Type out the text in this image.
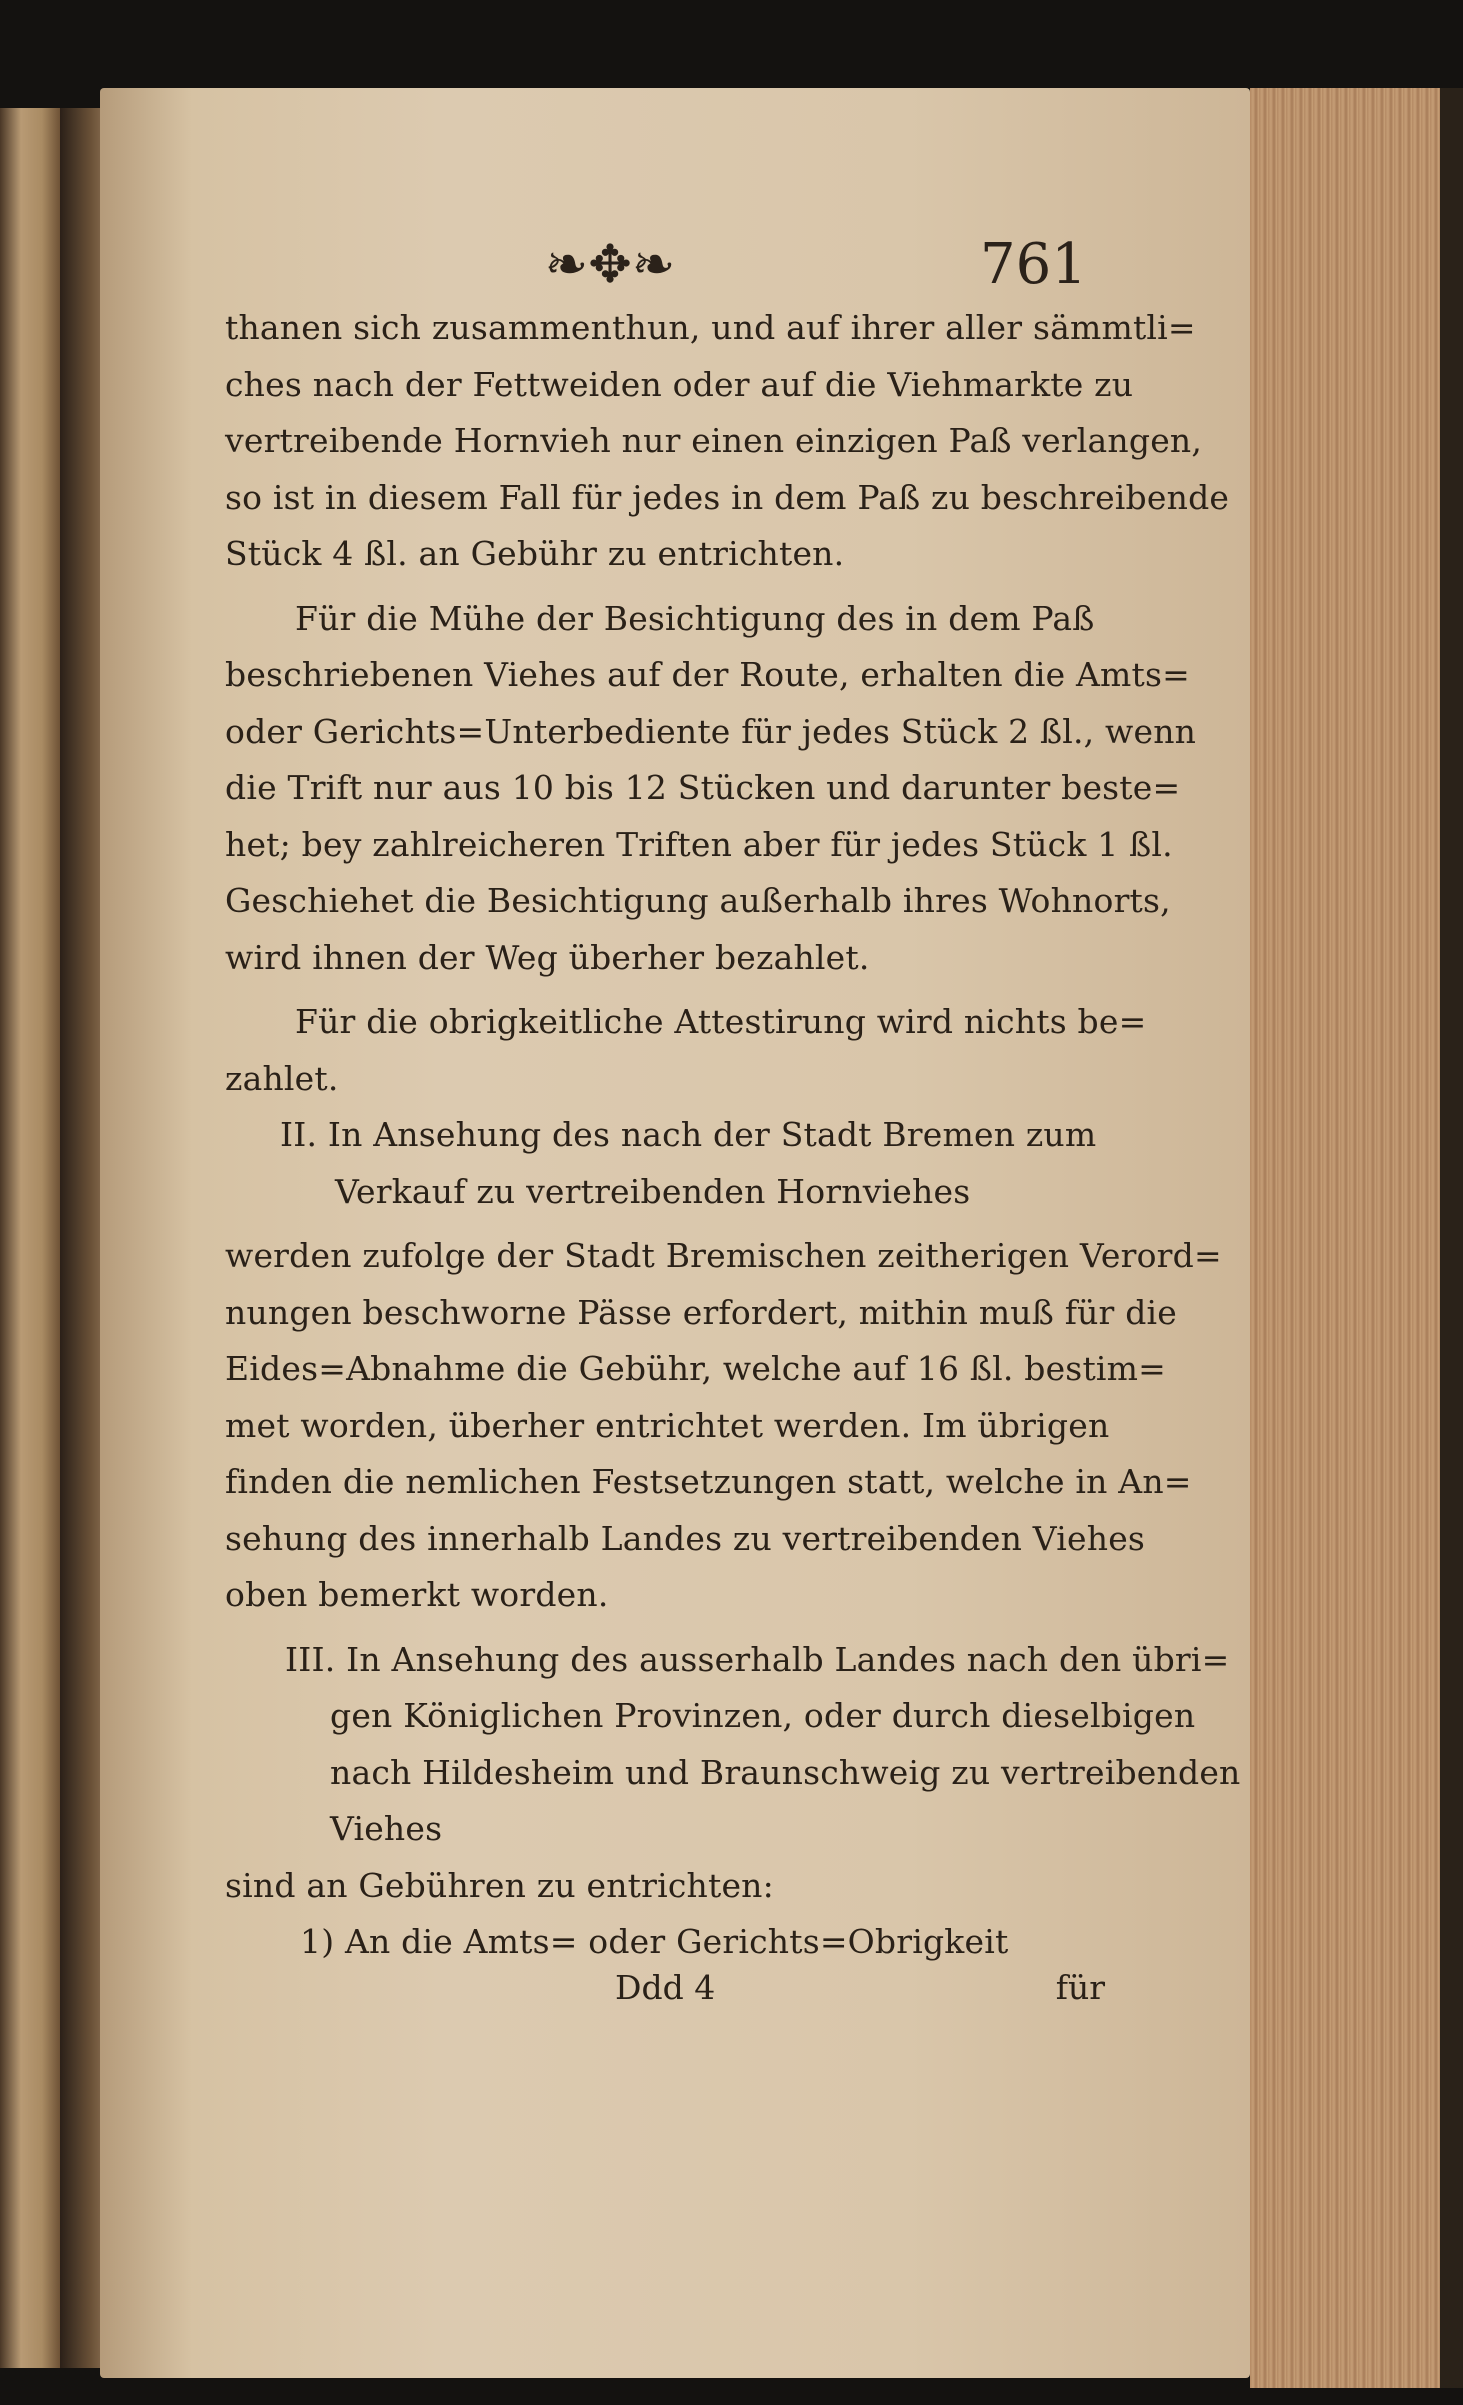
❧✥❧	761
thanen sich zusammenthun, und auf ihrer aller sämmtli=
ches nach der Fettweiden oder auf die Viehmarkte zu
vertreibende Hornvieh nur einen einzigen Paß verlangen,
so ist in diesem Fall für jedes in dem Paß zu beschreibende
Stück 4 ßl. an Gebühr zu entrichten.
Für die Mühe der Besichtigung des in dem Paß
beschriebenen Viehes auf der Route, erhalten die Amts=
oder Gerichts=Unterbediente für jedes Stück 2 ßl., wenn
die Trift nur aus 10 bis 12 Stücken und darunter beste=
het; bey zahlreicheren Triften aber für jedes Stück 1 ßl.
Geschiehet die Besichtigung außerhalb ihres Wohnorts,
wird ihnen der Weg überher bezahlet.
Für die obrigkeitliche Attestirung wird nichts be=
zahlet.
II. In Ansehung des nach der Stadt Bremen zum
Verkauf zu vertreibenden Hornviehes
werden zufolge der Stadt Bremischen zeitherigen Verord=
nungen beschworne Pässe erfordert, mithin muß für die
Eides=Abnahme die Gebühr, welche auf 16 ßl. bestim=
met worden, überher entrichtet werden. Im übrigen
finden die nemlichen Festsetzungen statt, welche in An=
sehung des innerhalb Landes zu vertreibenden Viehes
oben bemerkt worden.
III. In Ansehung des ausserhalb Landes nach den übri=
gen Königlichen Provinzen, oder durch dieselbigen
nach Hildesheim und Braunschweig zu vertreibenden
Viehes
sind an Gebühren zu entrichten:
1) An die Amts= oder Gerichts=Obrigkeit
Ddd 4	für
